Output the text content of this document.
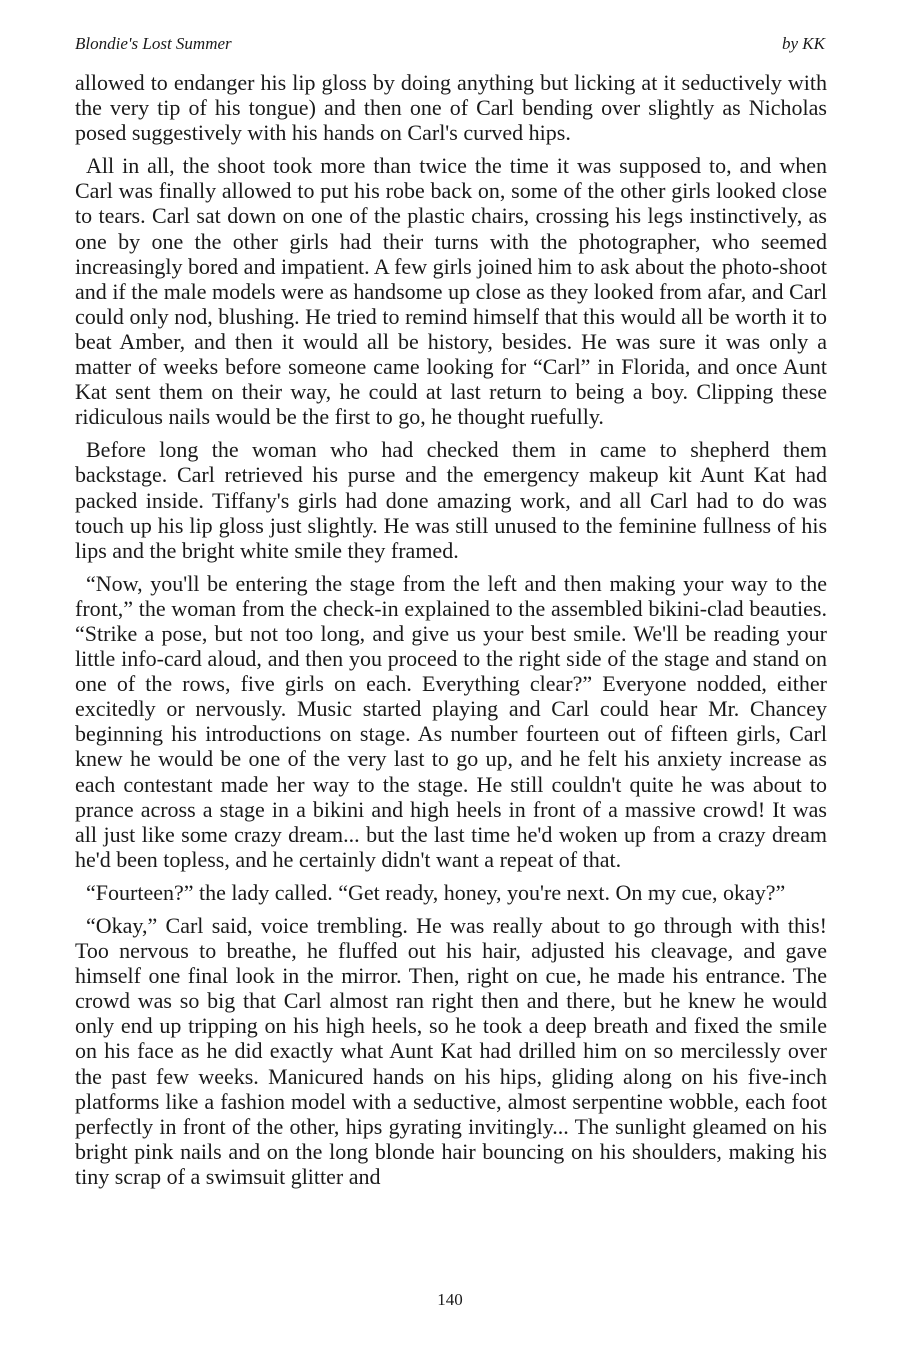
Blondie's Lost Summer	by KK

allowed to endanger his lip gloss by doing anything but licking at it seductively with the very tip of his tongue) and then one of Carl bending over slightly as Nicholas posed suggestively with his hands on Carl's curved hips.

All in all, the shoot took more than twice the time it was supposed to, and when Carl was finally allowed to put his robe back on, some of the other girls looked close to tears. Carl sat down on one of the plastic chairs, crossing his legs instinctively, as one by one the other girls had their turns with the photographer, who seemed increasingly bored and impatient. A few girls joined him to ask about the photo-shoot and if the male models were as handsome up close as they looked from afar, and Carl could only nod, blushing. He tried to remind himself that this would all be worth it to beat Amber, and then it would all be history, besides. He was sure it was only a matter of weeks before someone came looking for “Carl” in Florida, and once Aunt Kat sent them on their way, he could at last return to being a boy. Clipping these ridiculous nails would be the first to go, he thought ruefully.

Before long the woman who had checked them in came to shepherd them backstage. Carl retrieved his purse and the emergency makeup kit Aunt Kat had packed inside. Tiffany's girls had done amazing work, and all Carl had to do was touch up his lip gloss just slightly. He was still unused to the feminine fullness of his lips and the bright white smile they framed.

“Now, you'll be entering the stage from the left and then making your way to the front,” the woman from the check-in explained to the assembled bikini-clad beauties. “Strike a pose, but not too long, and give us your best smile. We'll be reading your little info-card aloud, and then you proceed to the right side of the stage and stand on one of the rows, five girls on each. Everything clear?” Everyone nodded, either excitedly or nervously. Music started playing and Carl could hear Mr. Chancey beginning his introductions on stage. As number fourteen out of fifteen girls, Carl knew he would be one of the very last to go up, and he felt his anxiety increase as each contestant made her way to the stage. He still couldn't quite he was about to prance across a stage in a bikini and high heels in front of a massive crowd! It was all just like some crazy dream... but the last time he'd woken up from a crazy dream he'd been topless, and he certainly didn't want a repeat of that.

“Fourteen?” the lady called. “Get ready, honey, you're next. On my cue, okay?”

“Okay,” Carl said, voice trembling. He was really about to go through with this! Too nervous to breathe, he fluffed out his hair, adjusted his cleavage, and gave himself one final look in the mirror. Then, right on cue, he made his entrance. The crowd was so big that Carl almost ran right then and there, but he knew he would only end up tripping on his high heels, so he took a deep breath and fixed the smile on his face as he did exactly what Aunt Kat had drilled him on so mercilessly over the past few weeks. Manicured hands on his hips, gliding along on his five-inch platforms like a fashion model with a seductive, almost serpentine wobble, each foot perfectly in front of the other, hips gyrating invitingly... The sunlight gleamed on his bright pink nails and on the long blonde hair bouncing on his shoulders, making his tiny scrap of a swimsuit glitter and

140
